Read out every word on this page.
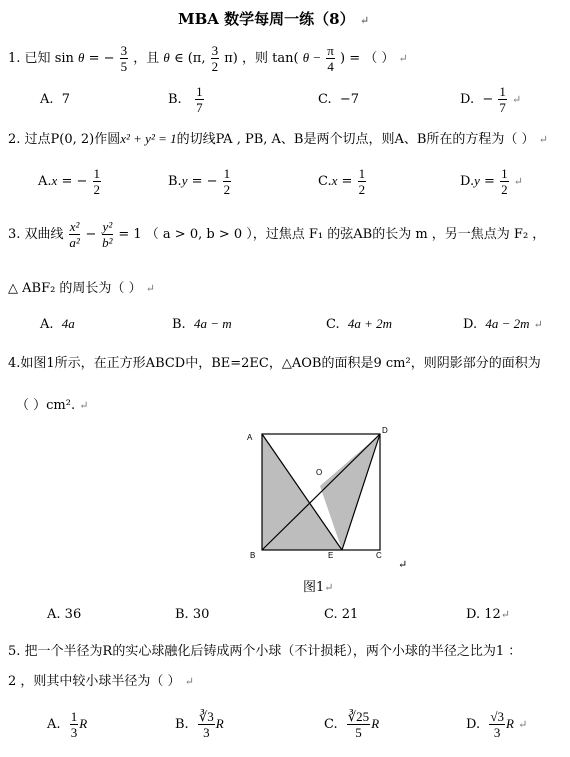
MBA 数学每周一练（8） ↵
1. 已知 sin θ = − $\frac{3}{5}$ ，且 θ ∈ (π, $\frac{3}{2} \pi$) ，则 tan( $\theta - \frac{\pi}{4}$ ) = （ ） ↵
A. 7	B. $\frac{1}{7}$	C. −7	D. − $\frac{1}{7}$ ↵
2. 过点P(0, 2)作圆x² + y² = 1的切线PA , PB, A、B是两个切点，则A、B所在的方程为（ ） ↵
A.x = − $\frac{1}{2}$	B.y = − $\frac{1}{2}$	$C.x = \frac{1}{2}$	$D.y = \frac{1}{2}$ ↵
3. 双曲线 $\frac{\text{x²}}{\text{a²}} - \frac{\text{y²}}{\text{b²}} = 1$ （ a > 0, b > 0 ），过焦点 F₁ 的弦AB的长为 m ，另一焦点为 F₂ ，
△ ABF₂ 的周长为（ ） ↵
A. 4a	B. 4a − m	C. 4a + 2m	D. 4a − 2m ↵
4.如图1所示，在正方形ABCD中，BE=2EC，△AOB的面积是9 cm²，则阴影部分的面积为
（ ）cm². ↵
A
D
B	E	C
O
↵
图1↵
A. 36	B. 30	C. 21	D. 12↵
5. 把一个半径为R的实心球融化后铸成两个小球（不计损耗），两个小球的半径之比为1 ：
2 ，则其中较小球半径为（ ） ↵
A. $\frac{1}{3}$ R	B. $\frac{∛3}{3}$ R	C. $\frac{∛25}{5}$ R	D. $\frac{√3}{3}$ R ↵
